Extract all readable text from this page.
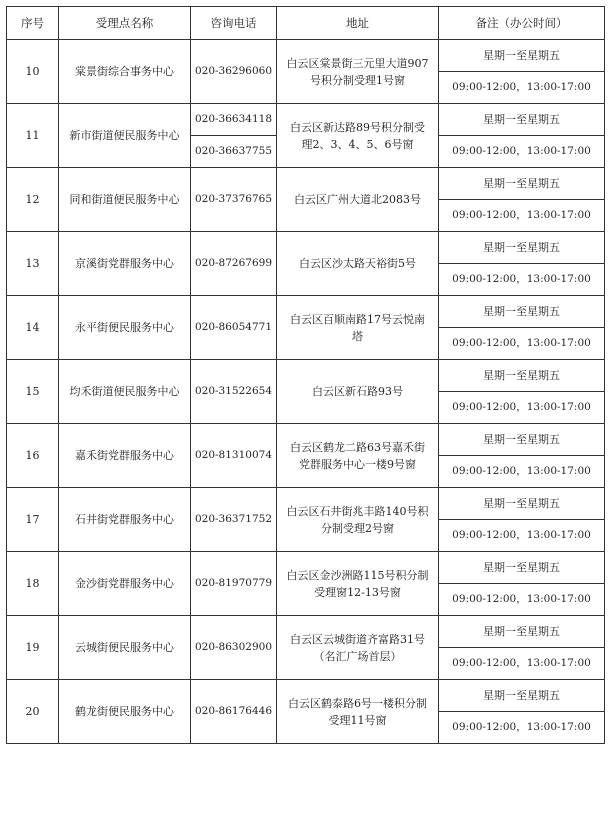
序号	受理点名称	咨询电话	地址	备注（办公时间）
10	棠景街综合事务中心	020-36296060	白云区棠景街三元里大道907号积分制受理1号窗	星期一至星期五
				09:00-12:00，13:00-17:00
11	新市街道便民服务中心	020-36634118	白云区新达路89号积分制受理2、3、4、5、6号窗	星期一至星期五
		020-36637755		09:00-12:00，13:00-17:00
12	同和街道便民服务中心	020-37376765	白云区广州大道北2083号	星期一至星期五
				09:00-12:00，13:00-17:00
13	京溪街党群服务中心	020-87267699	白云区沙太路天裕街5号	星期一至星期五
				09:00-12:00，13:00-17:00
14	永平街便民服务中心	020-86054771	白云区百顺南路17号云悦南塔	星期一至星期五
				09:00-12:00，13:00-17:00
15	均禾街道便民服务中心	020-31522654	白云区新石路93号	星期一至星期五
				09:00-12:00，13:00-17:00
16	嘉禾街党群服务中心	020-81310074	白云区鹤龙二路63号嘉禾街党群服务中心一楼9号窗	星期一至星期五
				09:00-12:00，13:00-17:00
17	石井街党群服务中心	020-36371752	白云区石井街兆丰路140号积分制受理2号窗	星期一至星期五
				09:00-12:00，13:00-17:00
18	金沙街党群服务中心	020-81970779	白云区金沙洲路115号积分制受理窗12-13号窗	星期一至星期五
				09:00-12:00，13:00-17:00
19	云城街便民服务中心	020-86302900	白云区云城街道齐富路31号（名汇广场首层）	星期一至星期五
				09:00-12:00，13:00-17:00
20	鹤龙街便民服务中心	020-86176446	白云区鹤泰路6号一楼积分制受理11号窗	星期一至星期五
				09:00-12:00，13:00-17:00
